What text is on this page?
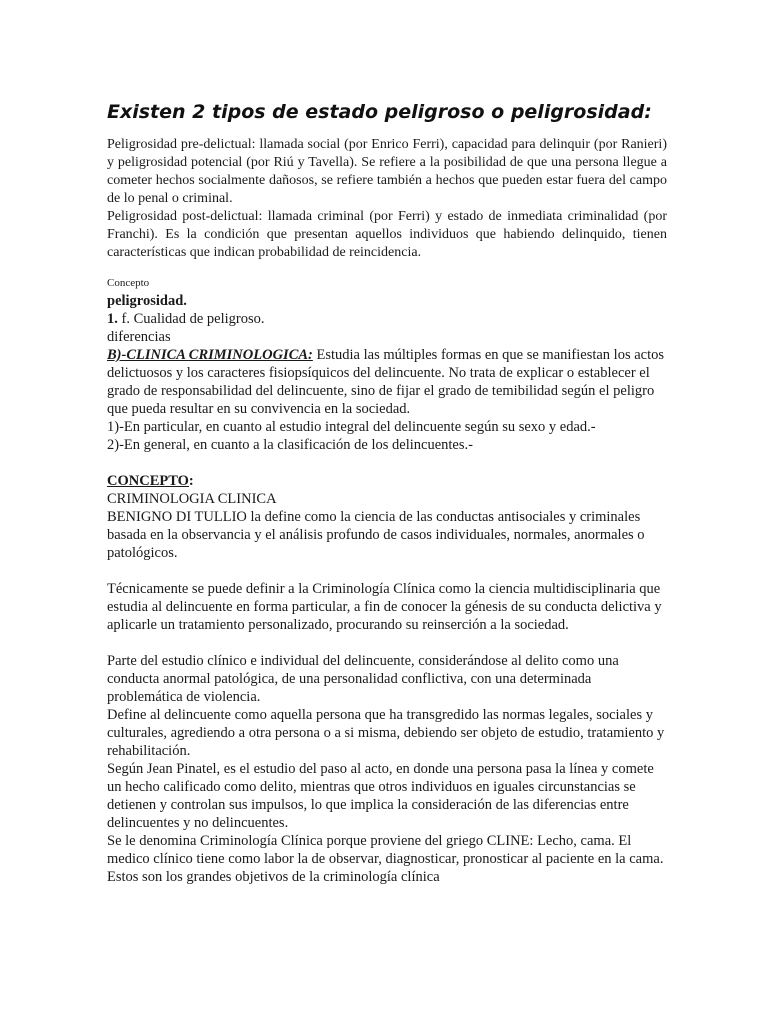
Existen 2 tipos de estado peligroso o peligrosidad:

Peligrosidad pre-delictual: llamada social (por Enrico Ferri), capacidad para delinquir (por Ranieri) y peligrosidad potencial (por Riú y Tavella). Se refiere a la posibilidad de que una persona llegue a cometer hechos socialmente dañosos, se refiere también a hechos que pueden estar fuera del campo de lo penal o criminal.

Peligrosidad post-delictual: llamada criminal (por Ferri) y estado de inmediata criminalidad (por Franchi). Es la condición que presentan aquellos individuos que habiendo delinquido, tienen características que indican probabilidad de reincidencia.

Concepto

peligrosidad.

1. f. Cualidad de peligroso.

diferencias

B)-CLINICA CRIMINOLOGICA: Estudia las múltiples formas en que se manifiestan los actos delictuosos y los caracteres fisiopsíquicos del delincuente. No trata de explicar o establecer el grado de responsabilidad del delincuente, sino de fijar el grado de temibilidad según el peligro que pueda resultar en su convivencia en la sociedad.

1)-En particular, en cuanto al estudio integral del delincuente según su sexo y edad.-

2)-En general, en cuanto a la clasificación de los delincuentes.-

CONCEPTO:

CRIMINOLOGIA CLINICA

BENIGNO DI TULLIO la define como la ciencia de las conductas antisociales y criminales basada en la observancia y el análisis profundo de casos individuales, normales, anormales o patológicos.

Técnicamente se puede definir a la Criminología Clínica como la ciencia multidisciplinaria que estudia al delincuente en forma particular, a fin de conocer la génesis de su conducta delictiva y aplicarle un tratamiento personalizado, procurando su reinserción a la sociedad.

Parte del estudio clínico e individual del delincuente, considerándose al delito como una conducta anormal patológica, de una personalidad conflictiva, con una determinada problemática de violencia.

Define al delincuente como aquella persona que ha transgredido las normas legales, sociales y culturales, agrediendo a otra persona o a si misma, debiendo ser objeto de estudio, tratamiento y rehabilitación.

Según Jean Pinatel, es el estudio del paso al acto, en donde una persona pasa la línea y comete un hecho calificado como delito, mientras que otros individuos en iguales circunstancias se detienen y controlan sus impulsos, lo que implica la consideración de las diferencias entre delincuentes y no delincuentes.

Se le denomina Criminología Clínica porque proviene del griego CLINE: Lecho, cama. El medico clínico tiene como labor la de observar, diagnosticar, pronosticar al paciente en la cama. Estos son los grandes objetivos de la criminología clínica
